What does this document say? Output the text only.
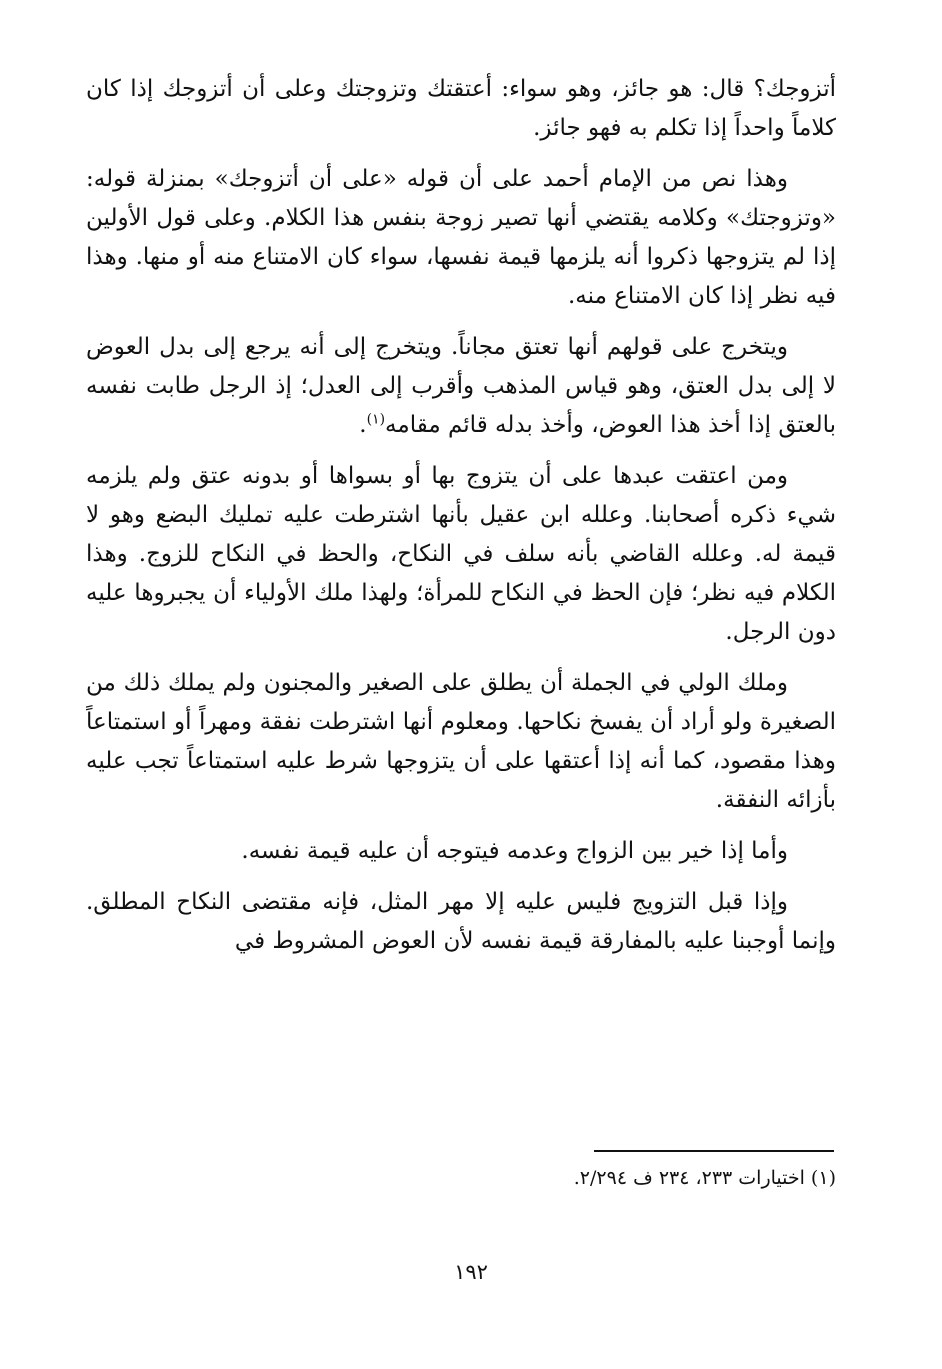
أتزوجك؟ قال: هو جائز، وهو سواء: أعتقتك وتزوجتك وعلى أن أتزوجك إذا كان كلاماً واحداً إذا تكلم به فهو جائز.

وهذا نص من الإمام أحمد على أن قوله «على أن أتزوجك» بمنزلة قوله: «وتزوجتك» وكلامه يقتضي أنها تصير زوجة بنفس هذا الكلام. وعلى قول الأولين إذا لم يتزوجها ذكروا أنه يلزمها قيمة نفسها، سواء كان الامتناع منه أو منها. وهذا فيه نظر إذا كان الامتناع منه.

ويتخرج على قولهم أنها تعتق مجاناً. ويتخرج إلى أنه يرجع إلى بدل العوض لا إلى بدل العتق، وهو قياس المذهب وأقرب إلى العدل؛ إذ الرجل طابت نفسه بالعتق إذا أخذ هذا العوض، وأخذ بدله قائم مقامه$^{(١)}$.

ومن اعتقت عبدها على أن يتزوج بها أو بسواها أو بدونه عتق ولم يلزمه شيء ذكره أصحابنا. وعلله ابن عقيل بأنها اشترطت عليه تمليك البضع وهو لا قيمة له. وعلله القاضي بأنه سلف في النكاح، والحظ في النكاح للزوج. وهذا الكلام فيه نظر؛ فإن الحظ في النكاح للمرأة؛ ولهذا ملك الأولياء أن يجبروها عليه دون الرجل.

وملك الولي في الجملة أن يطلق على الصغير والمجنون ولم يملك ذلك من الصغيرة ولو أراد أن يفسخ نكاحها. ومعلوم أنها اشترطت نفقة ومهراً أو استمتاعاً وهذا مقصود، كما أنه إذا أعتقها على أن يتزوجها شرط عليه استمتاعاً تجب عليه بأزائه النفقة.

وأما إذا خير بين الزواج وعدمه فيتوجه أن عليه قيمة نفسه.

وإذا قبل التزويج فليس عليه إلا مهر المثل، فإنه مقتضى النكاح المطلق. وإنما أوجبنا عليه بالمفارقة قيمة نفسه لأن العوض المشروط في

(١) اختيارات ٢٣٣، ٢٣٤ ف ٢/٢٩٤.
١٩٢
